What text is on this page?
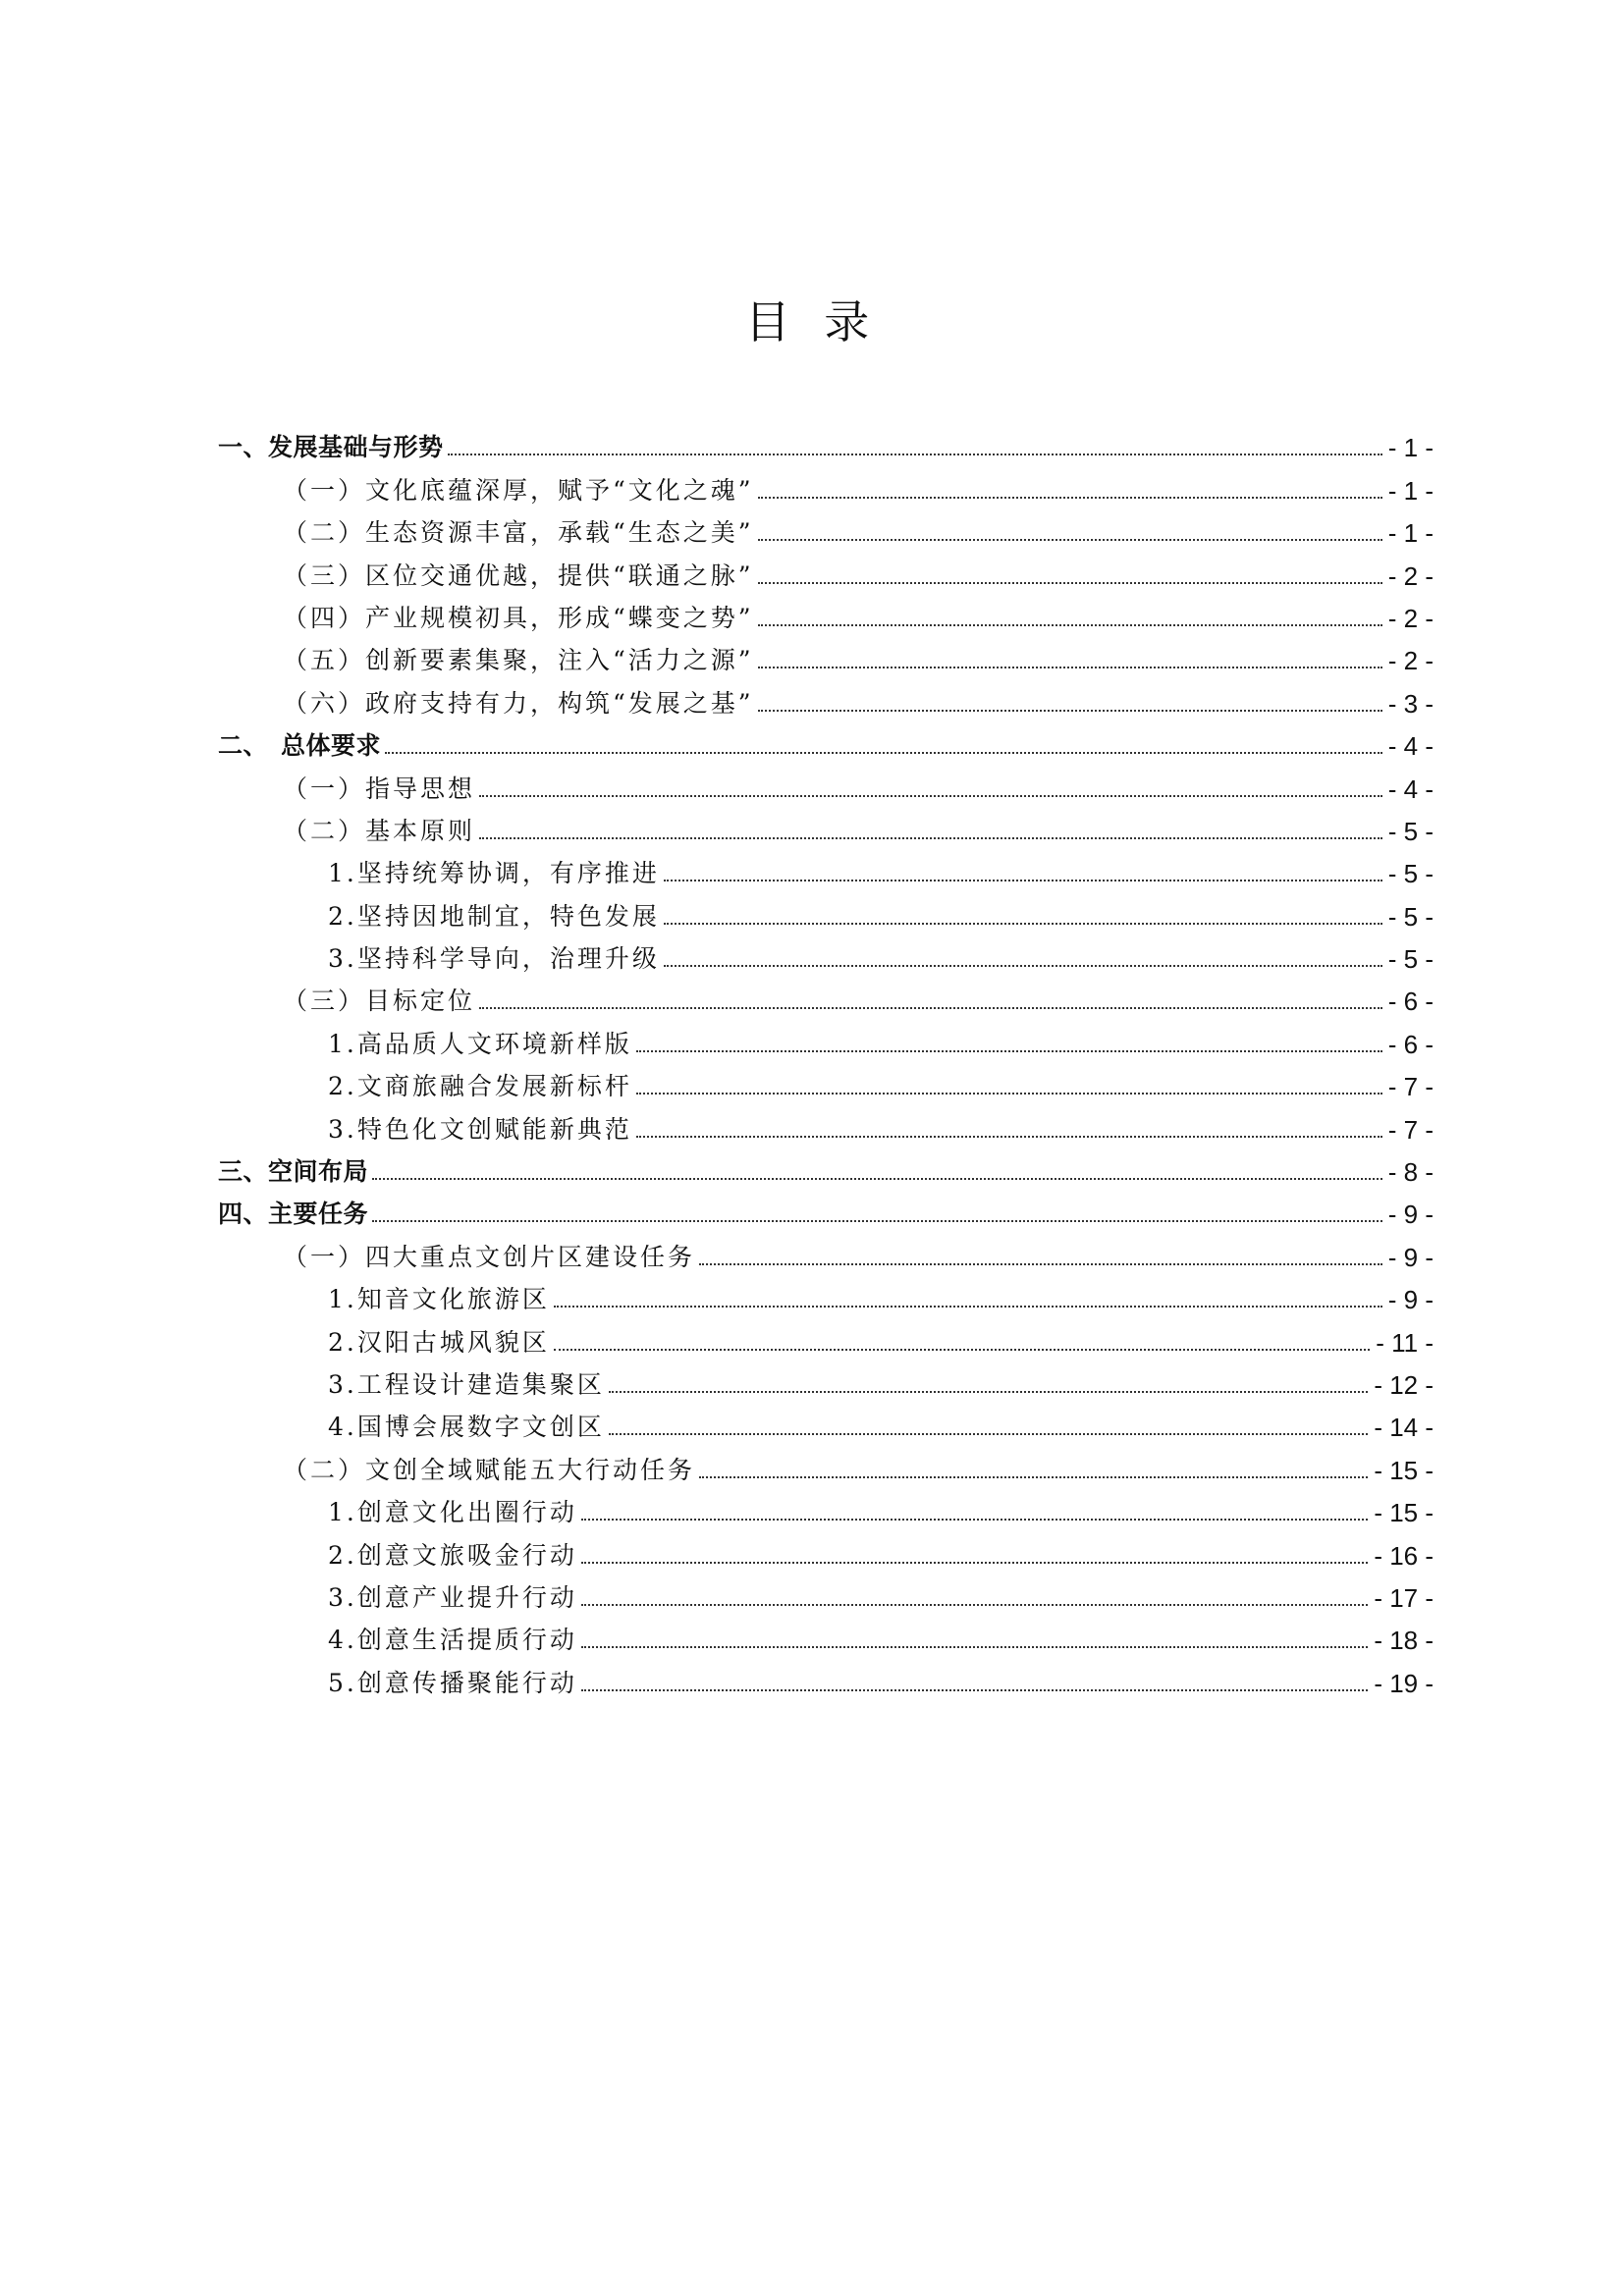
目 录
一、发展基础与形势	- 1 -
（一）文化底蕴深厚，赋予“文化之魂”	- 1 -
（二）生态资源丰富，承载“生态之美”	- 1 -
（三）区位交通优越，提供“联通之脉”	- 2 -
（四）产业规模初具，形成“蝶变之势”	- 2 -
（五）创新要素集聚，注入“活力之源”	- 2 -
（六）政府支持有力，构筑“发展之基”	- 3 -
二、　总体要求	- 4 -
（一）指导思想	- 4 -
（二）基本原则	- 5 -
1.坚持统筹协调，有序推进	- 5 -
2.坚持因地制宜，特色发展	- 5 -
3.坚持科学导向，治理升级	- 5 -
（三）目标定位	- 6 -
1.高品质人文环境新样版	- 6 -
2.文商旅融合发展新标杆	- 7 -
3.特色化文创赋能新典范	- 7 -
三、空间布局	- 8 -
四、主要任务	- 9 -
（一）四大重点文创片区建设任务	- 9 -
1.知音文化旅游区	- 9 -
2.汉阳古城风貌区	- 11 -
3.工程设计建造集聚区	- 12 -
4.国博会展数字文创区	- 14 -
（二）文创全域赋能五大行动任务	- 15 -
1.创意文化出圈行动	- 15 -
2.创意文旅吸金行动	- 16 -
3.创意产业提升行动	- 17 -
4.创意生活提质行动	- 18 -
5.创意传播聚能行动	- 19 -
